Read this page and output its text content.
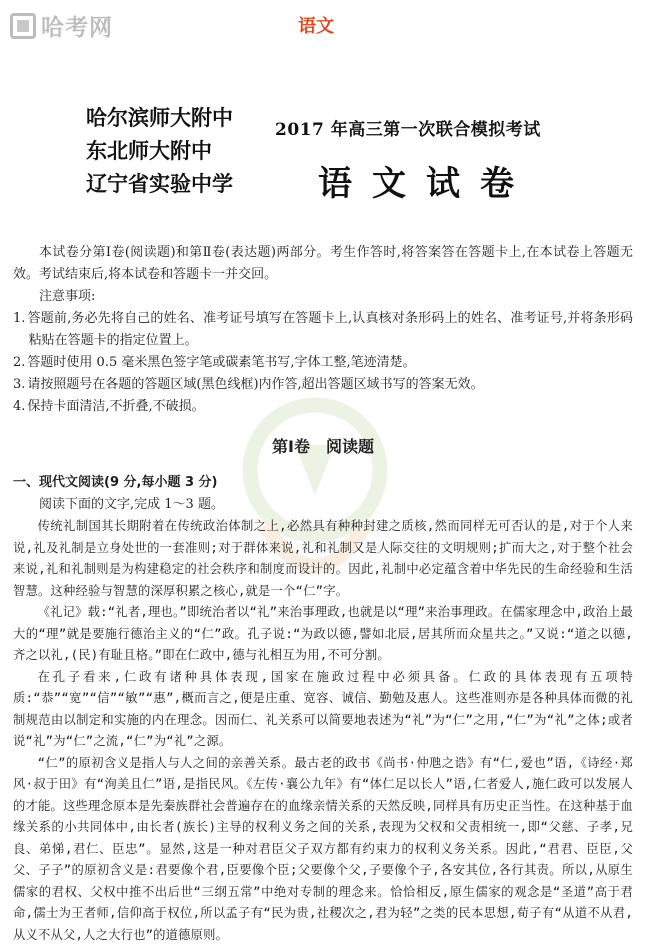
哈考网	语文
哈尔滨师大附中
东北师大附中
辽宁省实验中学
2017 年高三第一次联合模拟考试
语文试卷

本试卷分第Ⅰ卷(阅读题)和第Ⅱ卷(表达题)两部分。考生作答时,将答案答在答题卡上,在本试卷上答题无效。考试结束后,将本试卷和答题卡一并交回。

注意事项:

1. 答题前,务必先将自己的姓名、准考证号填写在答题卡上,认真核对条形码上的姓名、准考证号,并将条形码粘贴在答题卡的指定位置上。

2. 答题时使用 0.5 毫米黑色签字笔或碳素笔书写,字体工整,笔迹清楚。

3. 请按照题号在各题的答题区域(黑色线框)内作答,超出答题区域书写的答案无效。

4. 保持卡面清洁,不折叠,不破损。

第Ⅰ卷　阅读题

一、现代文阅读(9 分,每小题 3 分)

阅读下面的文字,完成 1～3 题。

传统礼制国其长期附着在传统政治体制之上,必然具有种种封建之质核,然而同样无可否认的是,对于个人来说,礼及礼制是立身处世的一套准则;对于群体来说,礼和礼制又是人际交往的文明规则;扩而大之,对于整个社会来说,礼和礼制则是为构建稳定的社会秩序和制度而设计的。因此,礼制中必定蕴含着中华先民的生命经验和生活智慧。这种经验与智慧的深厚积累之核心,就是一个“仁”字。

《礼记》载:“礼者,理也。”即统治者以“礼”来治事理政,也就是以“理”来治事理政。在儒家理念中,政治上最大的“理”就是要施行德治主义的“仁”政。孔子说:“为政以德,譬如北辰,居其所而众星共之。”又说:“道之以德,齐之以礼,(民)有耻且格。”即在仁政中,德与礼相互为用,不可分割。

在孔子看来,仁政有诸种具体表现,国家在施政过程中必须具备。仁政的具体表现有五项特质:“恭”“宽”“信”“敏”“惠”,概而言之,便是庄重、宽容、诚信、勤勉及惠人。这些准则亦是各种具体而微的礼制规范由以制定和实施的内在理念。因而仁、礼关系可以简要地表述为“礼”为“仁”之用,“仁”为“礼”之体;或者说“礼”为“仁”之流,“仁”为“礼”之源。

“仁”的原初含义是指人与人之间的亲善关系。最古老的政书《尚书·仲虺之诰》有“仁,爱也”语,《诗经·郑风·叔于田》有“洵美且仁”语,是指民风。《左传·襄公九年》有“体仁足以长人”语,仁者爱人,施仁政可以发展人的才能。这些理念原本是先秦族群社会普遍存在的血缘亲情关系的天然反映,同样具有历史正当性。在这种基于血缘关系的小共同体中,由长者(族长)主导的权利义务之间的关系,表现为父权和父责相统一,即“父慈、子孝,兄良、弟悌,君仁、臣忠”。显然,这是一种对君臣父子双方都有约束力的权利义务关系。因此,“君君、臣臣,父父、子子”的原初含义是:君要像个君,臣要像个臣;父要像个父,子要像个子,各安其位,各行其责。所以,从原生儒家的君权、父权中推不出后世“三纲五常”中绝对专制的理念来。恰恰相反,原生儒家的观念是“圣道”高于君命,儒士为王者师,信仰高于权位,所以孟子有“民为贵,社稷次之,君为轻”之类的民本思想,荀子有“从道不从君,从义不从父,人之大行也”的道德原则。
